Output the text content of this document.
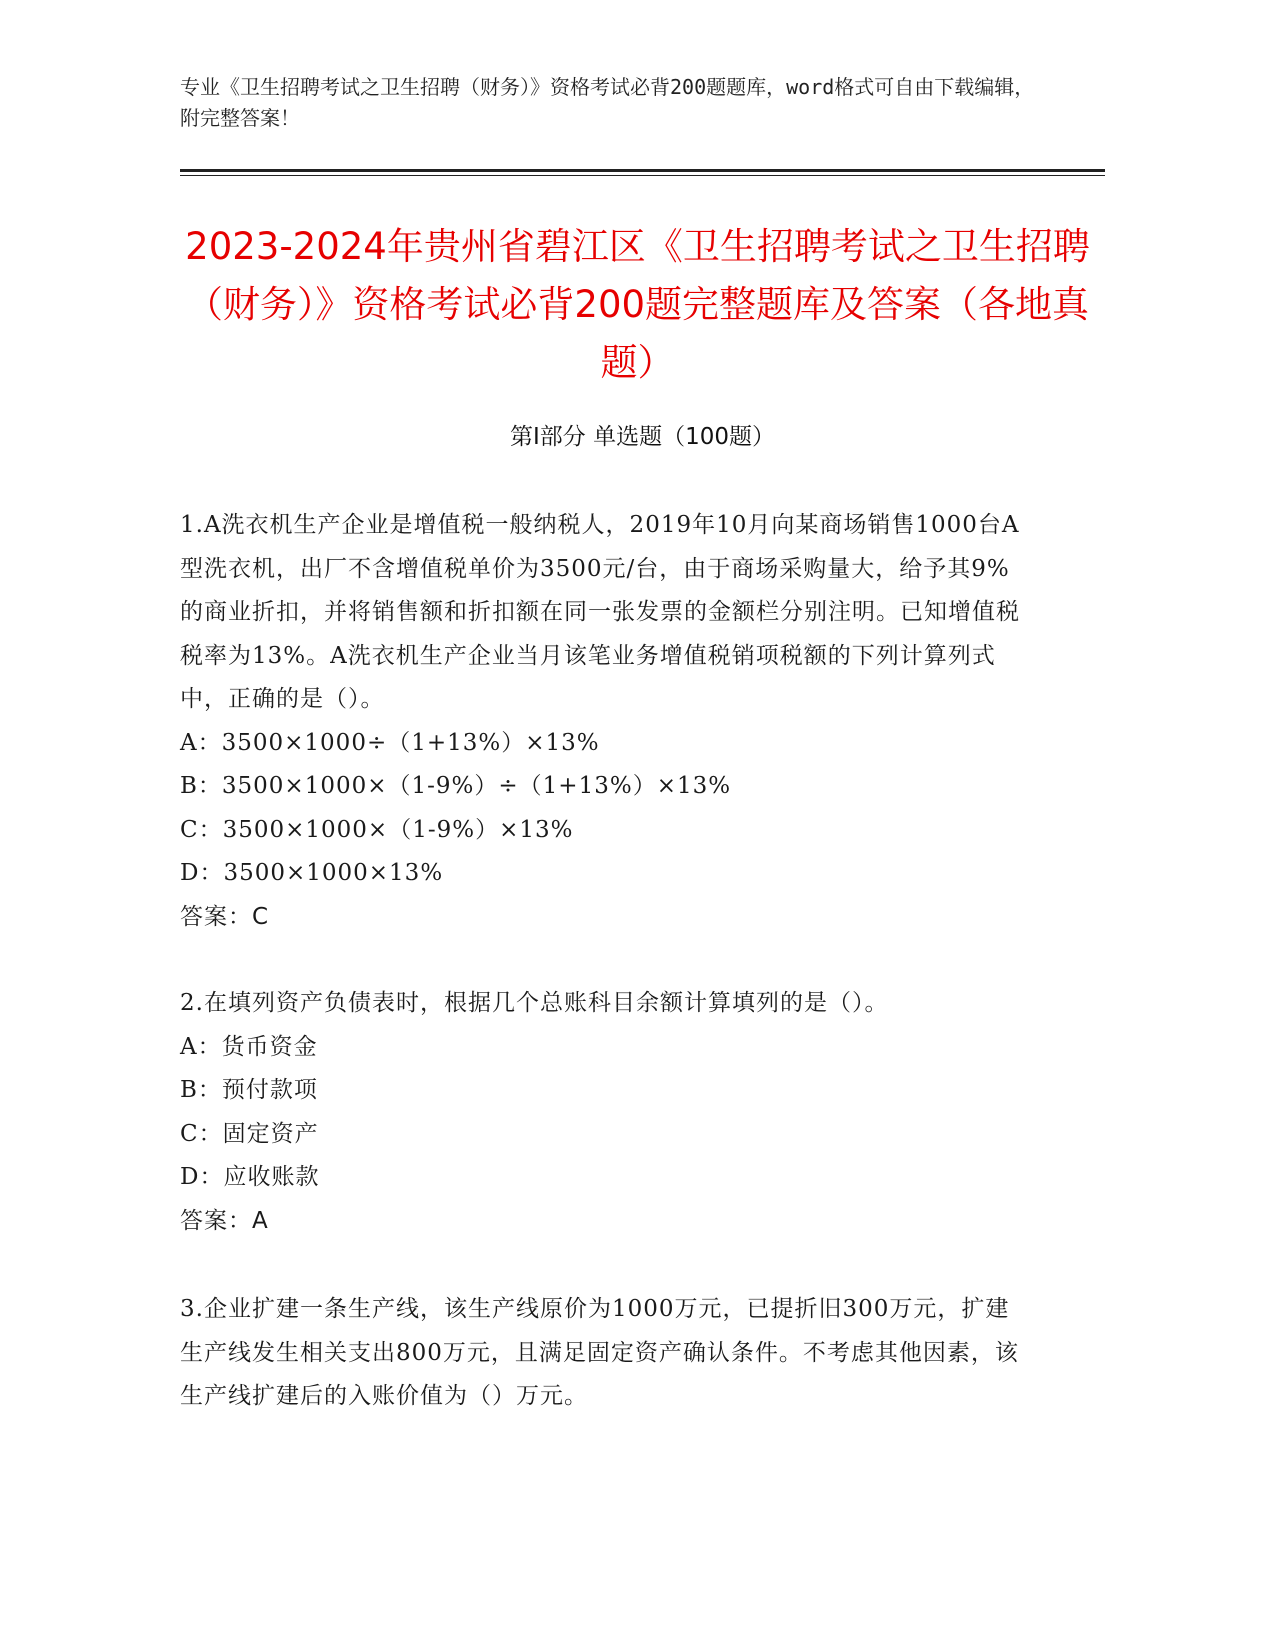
专业《卫生招聘考试之卫生招聘（财务）》资格考试必背200题题库，word格式可自由下载编辑，附完整答案！
2023-2024年贵州省碧江区《卫生招聘考试之卫生招聘（财务）》资格考试必背200题完整题库及答案（各地真题）
第Ⅰ部分 单选题（100题）

1.A洗衣机生产企业是增值税一般纳税人，2019年10月向某商场销售1000台A型洗衣机，出厂不含增值税单价为3500元/台，由于商场采购量大，给予其9%的商业折扣，并将销售额和折扣额在同一张发票的金额栏分别注明。已知增值税税率为13%。A洗衣机生产企业当月该笔业务增值税销项税额的下列计算列式中，正确的是（）。

A：3500×1000÷（1+13%）×13%

B：3500×1000×（1-9%）÷（1+13%）×13%

C：3500×1000×（1-9%）×13%

D：3500×1000×13%

答案：C

2.在填列资产负债表时，根据几个总账科目余额计算填列的是（）。

A：货币资金

B：预付款项

C：固定资产

D：应收账款

答案：A

3.企业扩建一条生产线，该生产线原价为1000万元，已提折旧300万元，扩建生产线发生相关支出800万元，且满足固定资产确认条件。不考虑其他因素，该生产线扩建后的入账价值为（）万元。
